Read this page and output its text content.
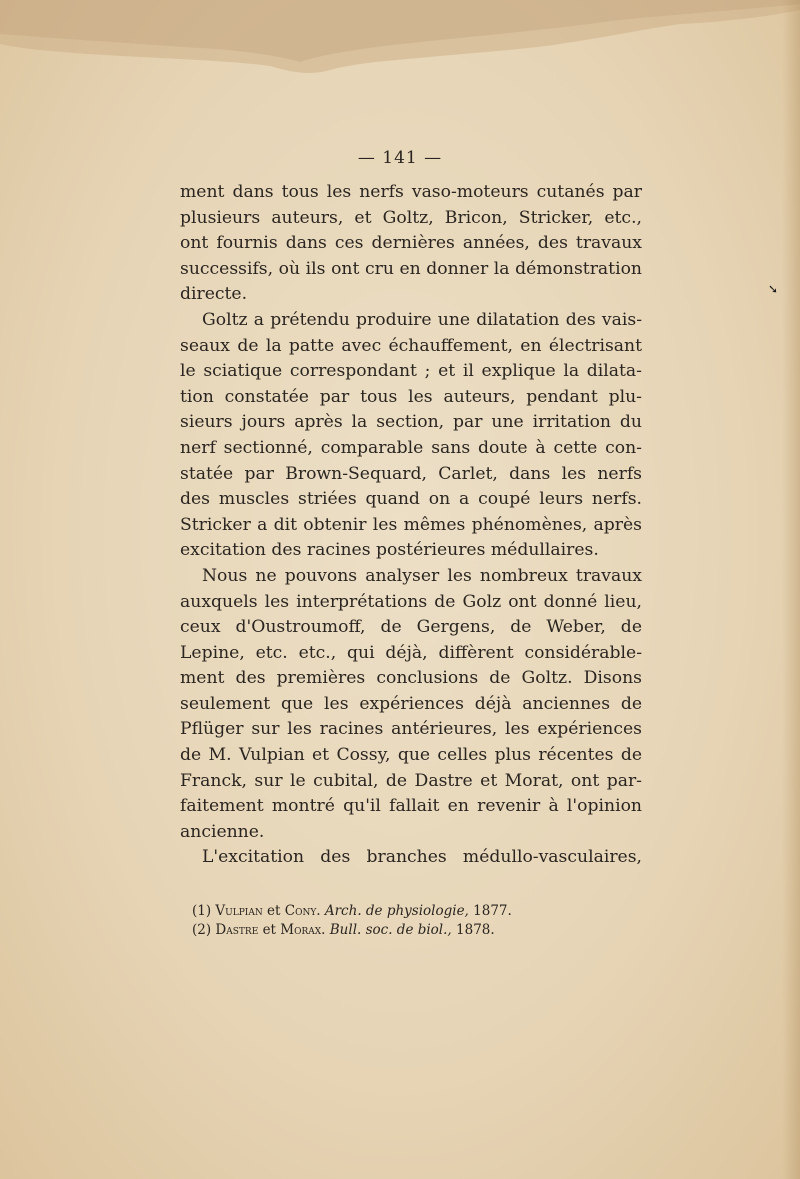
➘
— 141 —
ment dans tous les nerfs vaso-moteurs cutanés par
plusieurs auteurs, et Goltz, Bricon, Stricker, etc.,
ont fournis dans ces dernières années, des travaux
successifs, où ils ont cru en donner la démonstration
directe.
Goltz a prétendu produire une dilatation des vais-
seaux de la patte avec échauffement, en électrisant
le sciatique correspondant ; et il explique la dilata-
tion constatée par tous les auteurs, pendant plu-
sieurs jours après la section, par une irritation du
nerf sectionné, comparable sans doute à cette con-
statée par Brown-Sequard, Carlet, dans les nerfs
des muscles striées quand on a coupé leurs nerfs.
Stricker a dit obtenir les mêmes phénomènes, après
excitation des racines postérieures médullaires.
Nous ne pouvons analyser les nombreux travaux
auxquels les interprétations de Golz ont donné lieu,
ceux d'Oustroumoff, de Gergens, de Weber, de
Lepine, etc. etc., qui déjà, diffèrent considérable-
ment des premières conclusions de Goltz. Disons
seulement que les expériences déjà anciennes de
Pflüger sur les racines antérieures, les expériences
de M. Vulpian et Cossy, que celles plus récentes de
Franck, sur le cubital, de Dastre et Morat, ont par-
faitement montré qu'il fallait en revenir à l'opinion
ancienne.
L'excitation des branches médullo-vasculaires,
(1) Vulpian et Cony. Arch. de physiologie, 1877.
(2) Dastre et Morax. Bull. soc. de biol., 1878.
